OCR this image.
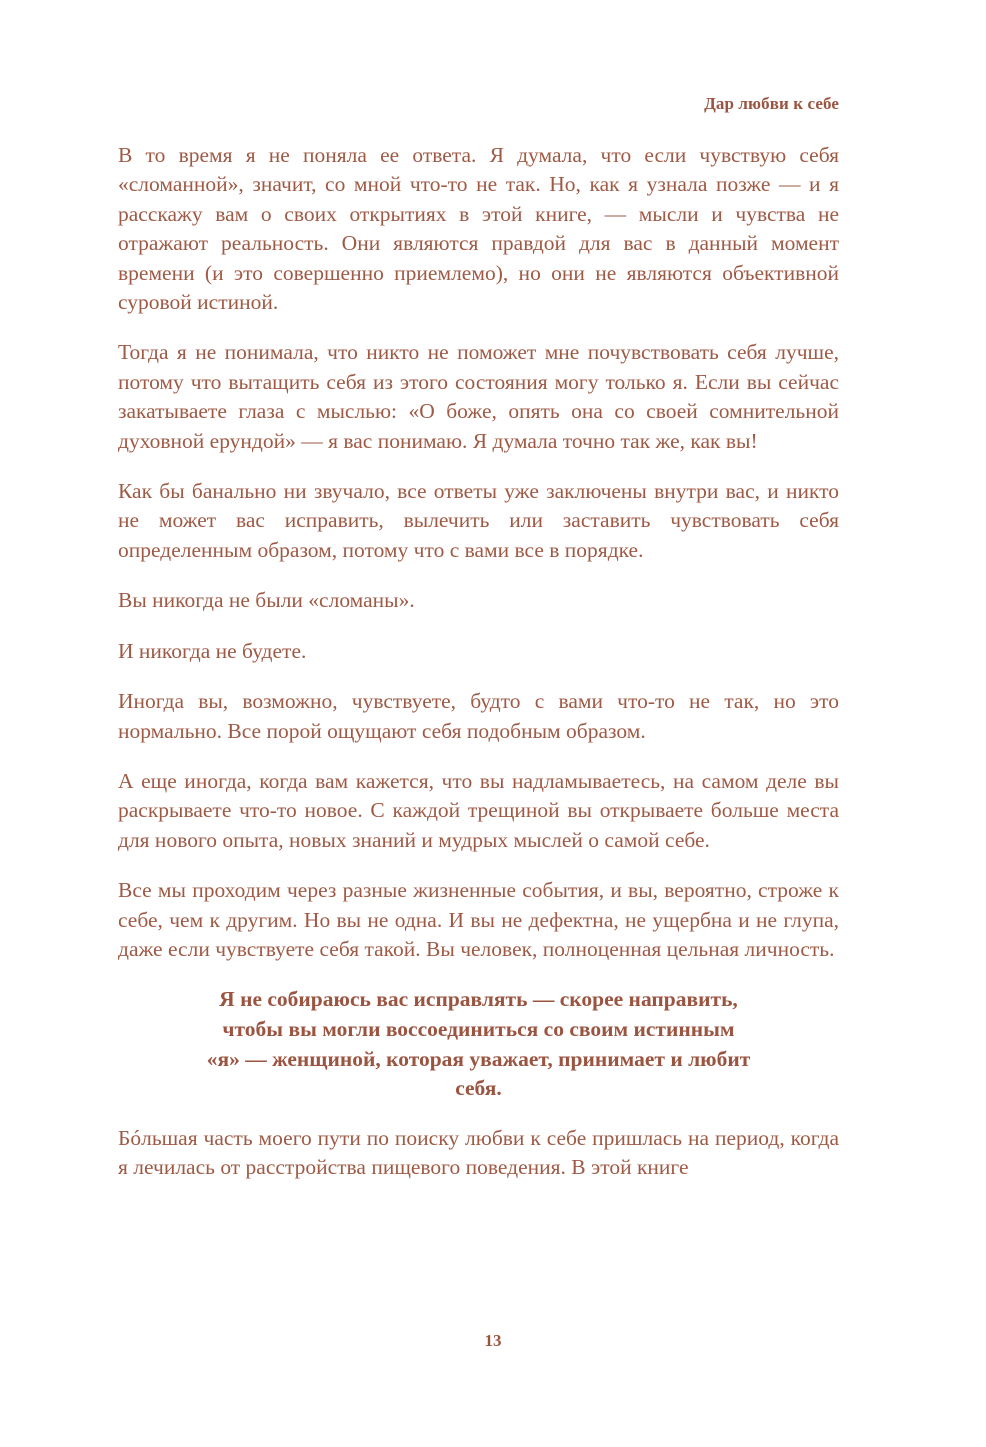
Дар любви к себе

В то время я не поняла ее ответа. Я думала, что если чувствую себя «сломанной», значит, со мной что-то не так. Но, как я узнала позже — и я расскажу вам о своих открытиях в этой книге, — мысли и чувства не отражают реальность. Они являются правдой для вас в данный момент времени (и это совершенно приемлемо), но они не являются объективной суровой истиной.

Тогда я не понимала, что никто не поможет мне почувствовать себя лучше, потому что вытащить себя из этого состояния могу только я. Если вы сейчас закатываете глаза с мыслью: «О боже, опять она со своей сомнительной духовной ерундой» — я вас понимаю. Я думала точно так же, как вы!

Как бы банально ни звучало, все ответы уже заключены внутри вас, и никто не может вас исправить, вылечить или заставить чувствовать себя определенным образом, потому что с вами все в порядке.

Вы никогда не были «сломаны».

И никогда не будете.

Иногда вы, возможно, чувствуете, будто с вами что-то не так, но это нормально. Все порой ощущают себя подобным образом.

А еще иногда, когда вам кажется, что вы надламываетесь, на самом деле вы раскрываете что-то новое. С каждой трещиной вы открываете больше места для нового опыта, новых знаний и мудрых мыслей о самой себе.

Все мы проходим через разные жизненные события, и вы, вероятно, строже к себе, чем к другим. Но вы не одна. И вы не дефектна, не ущербна и не глупа, даже если чувствуете себя такой. Вы человек, полноценная цельная личность.

Я не собираюсь вас исправлять — скорее направить,
чтобы вы могли воссоединиться со своим истинным
«я» — женщиной, которая уважает, принимает и любит
себя.

Бóльшая часть моего пути по поиску любви к себе пришлась на период, когда я лечилась от расстройства пищевого поведения. В этой книге

13
